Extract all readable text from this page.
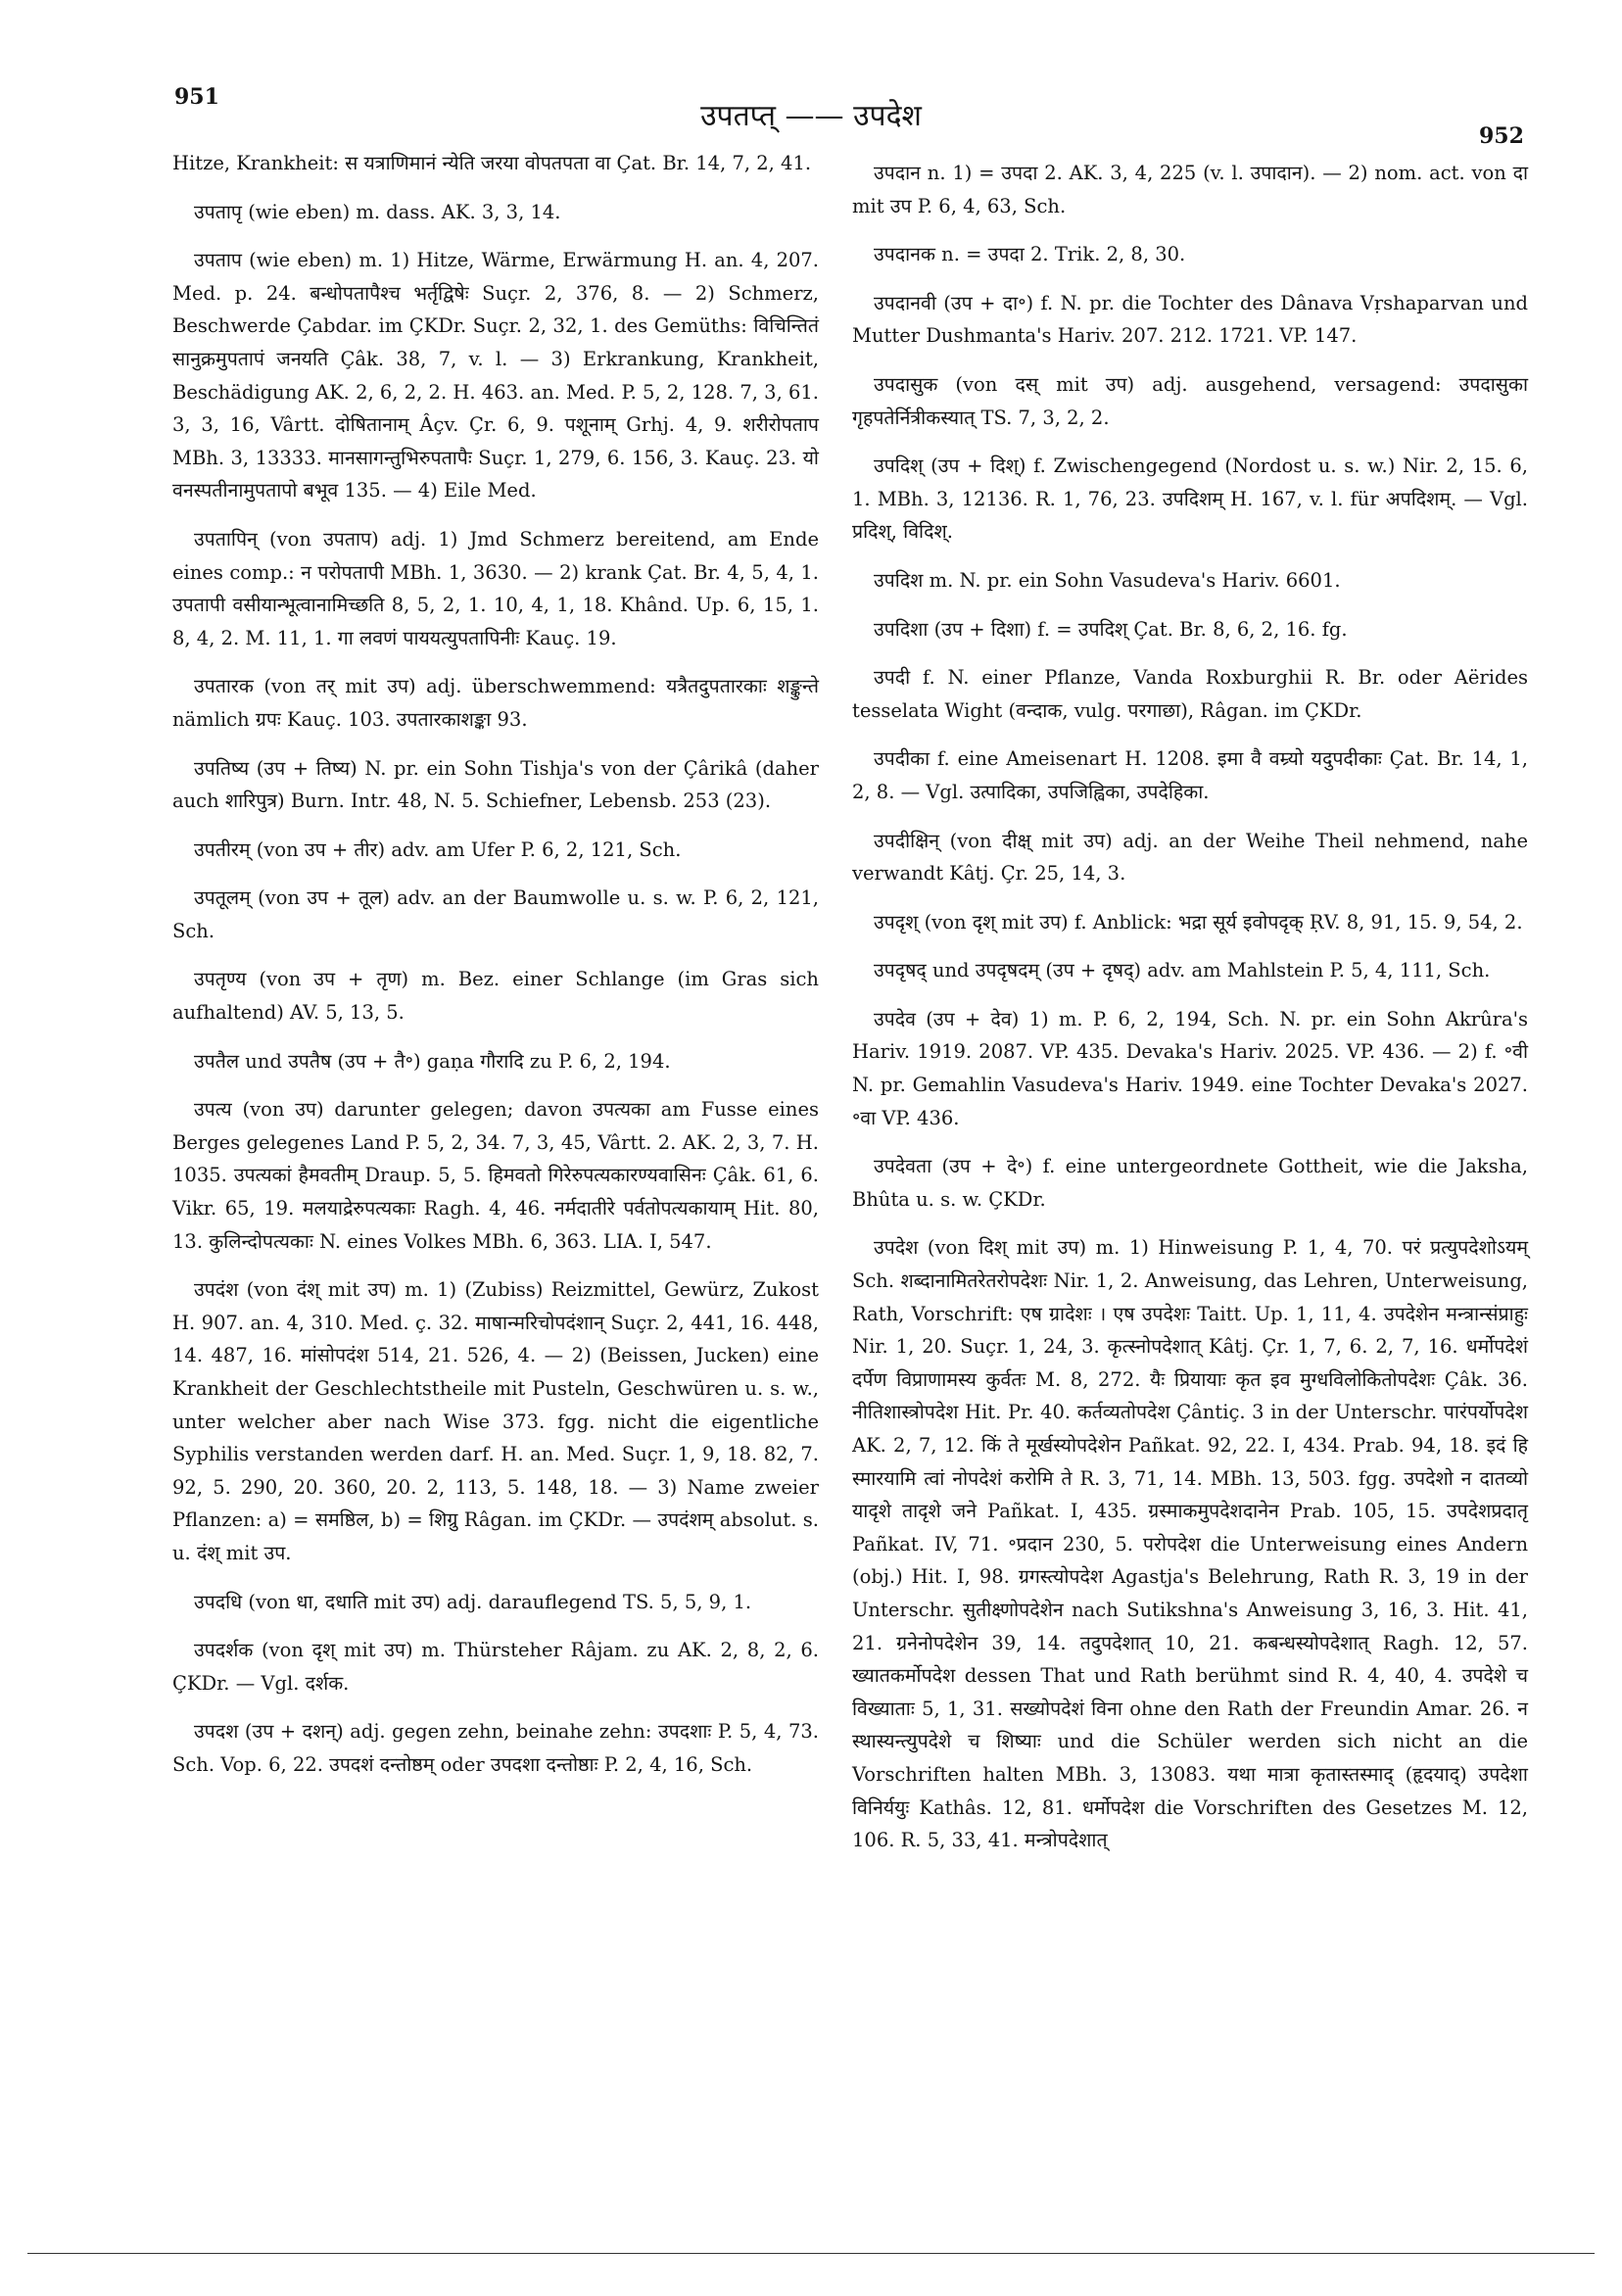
951
उपतप्त् —— उपदेश
952

Hitze, Krankheit: स यत्राणिमानं न्येति जरया वोपतपता वा Çat. Br. 14, 7, 2, 41.

उपतापृ (wie eben) m. dass. AK. 3, 3, 14.

उपताप (wie eben) m. 1) Hitze, Wärme, Erwärmung H. an. 4, 207. Med. p. 24. बन्धोपतापैश्च भर्तृद्विषेः Suçr. 2, 376, 8. — 2) Schmerz, Beschwerde Çabdar. im ÇKDr. Suçr. 2, 32, 1. des Gemüths: विचिन्तितं सानुक्रमुपतापं जनयति Çâk. 38, 7, v. l. — 3) Erkrankung, Krankheit, Beschädigung AK. 2, 6, 2, 2. H. 463. an. Med. P. 5, 2, 128. 7, 3, 61. 3, 3, 16, Vârtt. दोषितानाम् Âçv. Çr. 6, 9. पशूनाम् Grhj. 4, 9. शरीरोपताप MBh. 3, 13333. मानसागन्तुभिरुपतापैः Suçr. 1, 279, 6. 156, 3. Kauç. 23. यो वनस्पतीनामुपतापो बभूव 135. — 4) Eile Med.

उपतापिन् (von उपताप) adj. 1) Jmd Schmerz bereitend, am Ende eines comp.: न परोपतापी MBh. 1, 3630. — 2) krank Çat. Br. 4, 5, 4, 1. उपतापी वसीयान्भूत्वानामिच्छति 8, 5, 2, 1. 10, 4, 1, 18. Khând. Up. 6, 15, 1. 8, 4, 2. M. 11, 1. गा लवणं पाययत्युपतापिनीः Kauç. 19.

उपतारक (von तर् mit उप) adj. überschwemmend: यत्रैतदुपतारकाः शङ्कुन्ते nämlich ग्रपः Kauç. 103. उपतारकाशङ्का 93.

उपतिष्य (उप + तिष्य) N. pr. ein Sohn Tishja's von der Çârikâ (daher auch शारिपुत्र) Burn. Intr. 48, N. 5. Schiefner, Lebensb. 253 (23).

उपतीरम् (von उप + तीर) adv. am Ufer P. 6, 2, 121, Sch.

उपतूलम् (von उप + तूल) adv. an der Baumwolle u. s. w. P. 6, 2, 121, Sch.

उपतृण्य (von उप + तृण) m. Bez. einer Schlange (im Gras sich aufhaltend) AV. 5, 13, 5.

उपतैल und उपतैष (उप + तै॰) gaṇa गौरादि zu P. 6, 2, 194.

उपत्य (von उप) darunter gelegen; davon उपत्यका am Fusse eines Berges gelegenes Land P. 5, 2, 34. 7, 3, 45, Vârtt. 2. AK. 2, 3, 7. H. 1035. उपत्यकां हैमवतीम् Draup. 5, 5. हिमवतो गिरेरुपत्यकारण्यवासिनः Çâk. 61, 6. Vikr. 65, 19. मलयाद्रेरुपत्यकाः Ragh. 4, 46. नर्मदातीरे पर्वतोपत्यकायाम् Hit. 80, 13. कुलिन्दोपत्यकाः N. eines Volkes MBh. 6, 363. LIA. I, 547.

उपदंश (von दंश् mit उप) m. 1) (Zubiss) Reizmittel, Gewürz, Zukost H. 907. an. 4, 310. Med. ç. 32. माषान्मरिचोपदंशान् Suçr. 2, 441, 16. 448, 14. 487, 16. मांसोपदंश 514, 21. 526, 4. — 2) (Beissen, Jucken) eine Krankheit der Geschlechtstheile mit Pusteln, Geschwüren u. s. w., unter welcher aber nach Wise 373. fgg. nicht die eigentliche Syphilis verstanden werden darf. H. an. Med. Suçr. 1, 9, 18. 82, 7. 92, 5. 290, 20. 360, 20. 2, 113, 5. 148, 18. — 3) Name zweier Pflanzen: a) = समष्ठिल, b) = शिग्रु Râgan. im ÇKDr. — उपदंशम् absolut. s. u. दंश् mit उप.

उपदधि (von धा, दधाति mit उप) adj. darauflegend TS. 5, 5, 9, 1.

उपदर्शक (von दृश् mit उप) m. Thürsteher Râjam. zu AK. 2, 8, 2, 6. ÇKDr. — Vgl. दर्शक.

उपदश (उप + दशन्) adj. gegen zehn, beinahe zehn: उपदशाः P. 5, 4, 73. Sch. Vop. 6, 22. उपदशं दन्तोष्ठम् oder उपदशा दन्तोष्ठाः P. 2, 4, 16, Sch.

उपदान n. 1) = उपदा 2. AK. 3, 4, 225 (v. l. उपादान). — 2) nom. act. von दा mit उप P. 6, 4, 63, Sch.

उपदानक n. = उपदा 2. Trik. 2, 8, 30.

उपदानवी (उप + दा॰) f. N. pr. die Tochter des Dânava Vṛshaparvan und Mutter Dushmanta's Hariv. 207. 212. 1721. VP. 147.

उपदासुक (von दस् mit उप) adj. ausgehend, versagend: उपदासुका गृहपतेर्नित्रीकस्यात् TS. 7, 3, 2, 2.

उपदिश् (उप + दिश्) f. Zwischengegend (Nordost u. s. w.) Nir. 2, 15. 6, 1. MBh. 3, 12136. R. 1, 76, 23. उपदिशम् H. 167, v. l. für अपदिशम्. — Vgl. प्रदिश्, विदिश्.

उपदिश m. N. pr. ein Sohn Vasudeva's Hariv. 6601.

उपदिशा (उप + दिशा) f. = उपदिश् Çat. Br. 8, 6, 2, 16. fg.

उपदी f. N. einer Pflanze, Vanda Roxburghii R. Br. oder Aërides tesselata Wight (वन्दाक, vulg. परगाछा), Râgan. im ÇKDr.

उपदीका f. eine Ameisenart H. 1208. इमा वै वम्र्यो यदुपदीकाः Çat. Br. 14, 1, 2, 8. — Vgl. उत्पादिका, उपजिह्विका, उपदेहिका.

उपदीक्षिन् (von दीक्ष् mit उप) adj. an der Weihe Theil nehmend, nahe verwandt Kâtj. Çr. 25, 14, 3.

उपदृश् (von दृश् mit उप) f. Anblick: भद्रा सूर्य इवोपदृक् ṚV. 8, 91, 15. 9, 54, 2.

उपदृषद् und उपदृषदम् (उप + दृषद्) adv. am Mahlstein P. 5, 4, 111, Sch.

उपदेव (उप + देव) 1) m. P. 6, 2, 194, Sch. N. pr. ein Sohn Akrûra's Hariv. 1919. 2087. VP. 435. Devaka's Hariv. 2025. VP. 436. — 2) f. ॰वी N. pr. Gemahlin Vasudeva's Hariv. 1949. eine Tochter Devaka's 2027. ॰वा VP. 436.

उपदेवता (उप + दे॰) f. eine untergeordnete Gottheit, wie die Jaksha, Bhûta u. s. w. ÇKDr.

उपदेश (von दिश् mit उप) m. 1) Hinweisung P. 1, 4, 70. परं प्रत्युपदेशोऽयम् Sch. शब्दानामितरेतरोपदेशः Nir. 1, 2. Anweisung, das Lehren, Unterweisung, Rath, Vorschrift: एष ग्रादेशः । एष उपदेशः Taitt. Up. 1, 11, 4. उपदेशेन मन्त्रान्संप्राहुः Nir. 1, 20. Suçr. 1, 24, 3. कृत्स्नोपदेशात् Kâtj. Çr. 1, 7, 6. 2, 7, 16. धर्मोपदेशं दर्पेण विप्राणामस्य कुर्वतः M. 8, 272. यैः प्रियायाः कृत इव मुग्धविलोकितोपदेशः Çâk. 36. नीतिशास्त्रोपदेश Hit. Pr. 40. कर्तव्यतोपदेश Çântiç. 3 in der Unterschr. पारंपर्योपदेश AK. 2, 7, 12. किं ते मूर्खस्योपदेशेन Pañkat. 92, 22. I, 434. Prab. 94, 18. इदं हि स्मारयामि त्वां नोपदेशं करोमि ते R. 3, 71, 14. MBh. 13, 503. fgg. उपदेशो न दातव्यो यादृशे तादृशे जने Pañkat. I, 435. ग्रस्माकमुपदेशदानेन Prab. 105, 15. उपदेशप्रदातृ Pañkat. IV, 71. ॰प्रदान 230, 5. परोपदेश die Unterweisung eines Andern (obj.) Hit. I, 98. ग्रगस्त्योपदेश Agastja's Belehrung, Rath R. 3, 19 in der Unterschr. सुतीक्ष्णोपदेशेन nach Sutikshna's Anweisung 3, 16, 3. Hit. 41, 21. ग्रनेनोपदेशेन 39, 14. तदुपदेशात् 10, 21. कबन्धस्योपदेशात् Ragh. 12, 57. ख्यातकर्मोपदेश dessen That und Rath berühmt sind R. 4, 40, 4. उपदेशे च विख्याताः 5, 1, 31. सख्योपदेशं विना ohne den Rath der Freundin Amar. 26. न स्थास्यन्त्युपदेशे च शिष्याः und die Schüler werden sich nicht an die Vorschriften halten MBh. 3, 13083. यथा मात्रा कृतास्तस्माद् (हृदयाद्) उपदेशा विनिर्ययुः Kathâs. 12, 81. धर्मोपदेश die Vorschriften des Gesetzes M. 12, 106. R. 5, 33, 41. मन्त्रोपदेशात्
